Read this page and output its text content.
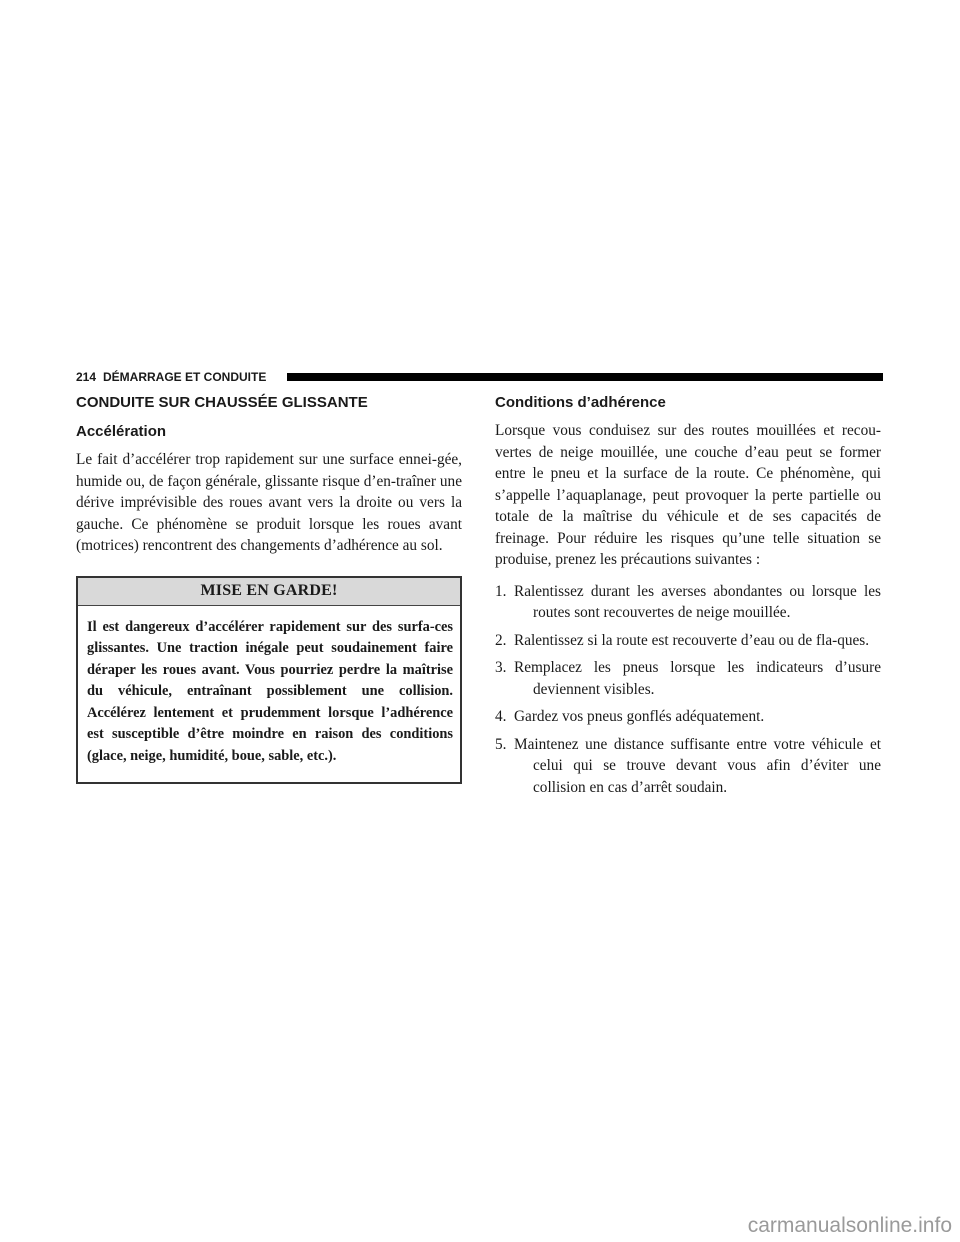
214 DÉMARRAGE ET CONDUITE
CONDUITE SUR CHAUSSÉE GLISSANTE
Accélération

Le fait d’accélérer trop rapidement sur une surface ennei-gée, humide ou, de façon générale, glissante risque d’en-traîner une dérive imprévisible des roues avant vers la droite ou vers la gauche. Ce phénomène se produit lorsque les roues avant (motrices) rencontrent des changements d’adhérence au sol.

MISE EN GARDE!
Il est dangereux d’accélérer rapidement sur des surfa-ces glissantes. Une traction inégale peut soudainement faire déraper les roues avant. Vous pourriez perdre la maîtrise du véhicule, entraînant possiblement une collision. Accélérez lentement et prudemment lorsque l’adhérence est susceptible d’être moindre en raison des conditions (glace, neige, humidité, boue, sable, etc.).
Conditions d’adhérence

Lorsque vous conduisez sur des routes mouillées et recou-vertes de neige mouillée, une couche d’eau peut se former entre le pneu et la surface de la route. Ce phénomène, qui s’appelle l’aquaplanage, peut provoquer la perte partielle ou totale de la maîtrise du véhicule et de ses capacités de freinage. Pour réduire les risques qu’une telle situation se produise, prenez les précautions suivantes :

1. Ralentissez durant les averses abondantes ou lorsque les routes sont recouvertes de neige mouillée.
2. Ralentissez si la route est recouverte d’eau ou de fla-ques.
3. Remplacez les pneus lorsque les indicateurs d’usure deviennent visibles.
4. Gardez vos pneus gonflés adéquatement.
5. Maintenez une distance suffisante entre votre véhicule et celui qui se trouve devant vous afin d’éviter une collision en cas d’arrêt soudain.
carmanualsonline.info
